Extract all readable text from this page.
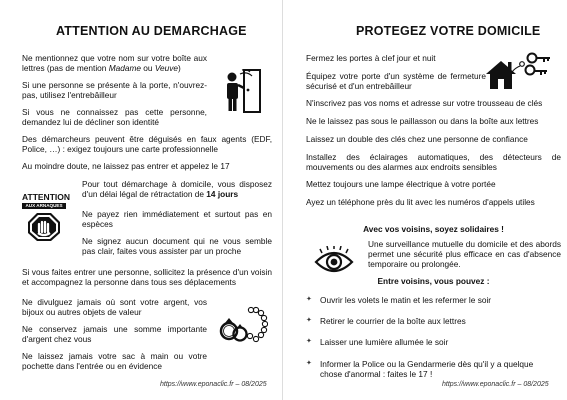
ATTENTION AU DEMARCHAGE
Ne mentionnez que votre nom sur votre boîte aux lettres (pas de mention Madame ou Veuve)
Si une personne se présente à la porte, n'ouvrez-pas, utilisez l'entrebâilleur
Si vous ne connaissez pas cette personne, demandez lui de décliner son identité
Des démarcheurs peuvent être déguisés en faux agents (EDF, Police, …) : exigez toujours une carte professionnelle
Au moindre doute, ne laissez pas entrer et appelez le 17
ATTENTION
AUX ARNAQUES
Pour tout démarchage à domicile, vous disposez d'un délai légal de rétractation de 14 jours
Ne payez rien immédiatement et surtout pas en espèces
Ne signez aucun document qui ne vous semble pas clair, faites vous assister par un proche
Si vous faites entrer une personne, sollicitez la présence d'un voisin et accompagnez la personne dans tous ses déplacements
Ne divulguez jamais où sont votre argent, vos bijoux ou autres objets de valeur
Ne conservez jamais une somme importante d'argent chez vous
Ne laissez jamais votre sac à main ou votre pochette dans l'entrée ou en évidence
https://www.eponaclic.fr – 08/2025
PROTEGEZ VOTRE DOMICILE
Fermez les portes à clef jour et nuit
Équipez votre porte d'un système de fermeture sécurisé et d'un entrebâilleur
N'inscrivez pas vos noms et adresse sur votre trousseau de clés
Ne le laissez pas sous le paillasson ou dans la boîte aux lettres
Laissez un double des clés chez une personne de confiance
Installez des éclairages automatiques, des détecteurs de mouvements ou des alarmes aux endroits sensibles
Mettez toujours une lampe électrique à votre portée
Ayez un téléphone près du lit avec les numéros d'appels utiles
Avec vos voisins, soyez solidaires !
Une surveillance mutuelle du domicile et des abords permet une sécurité plus efficace en cas d'absence temporaire ou prolongée.
Entre voisins, vous pouvez :
✦ Ouvrir les volets le matin et les refermer le soir
✦ Retirer le courrier de la boîte aux lettres
✦ Laisser une lumière allumée le soir
✦ Informer la Police ou la Gendarmerie dès qu'il y a quelque chose d'anormal : faites le 17 !
https://www.eponaclic.fr – 08/2025
